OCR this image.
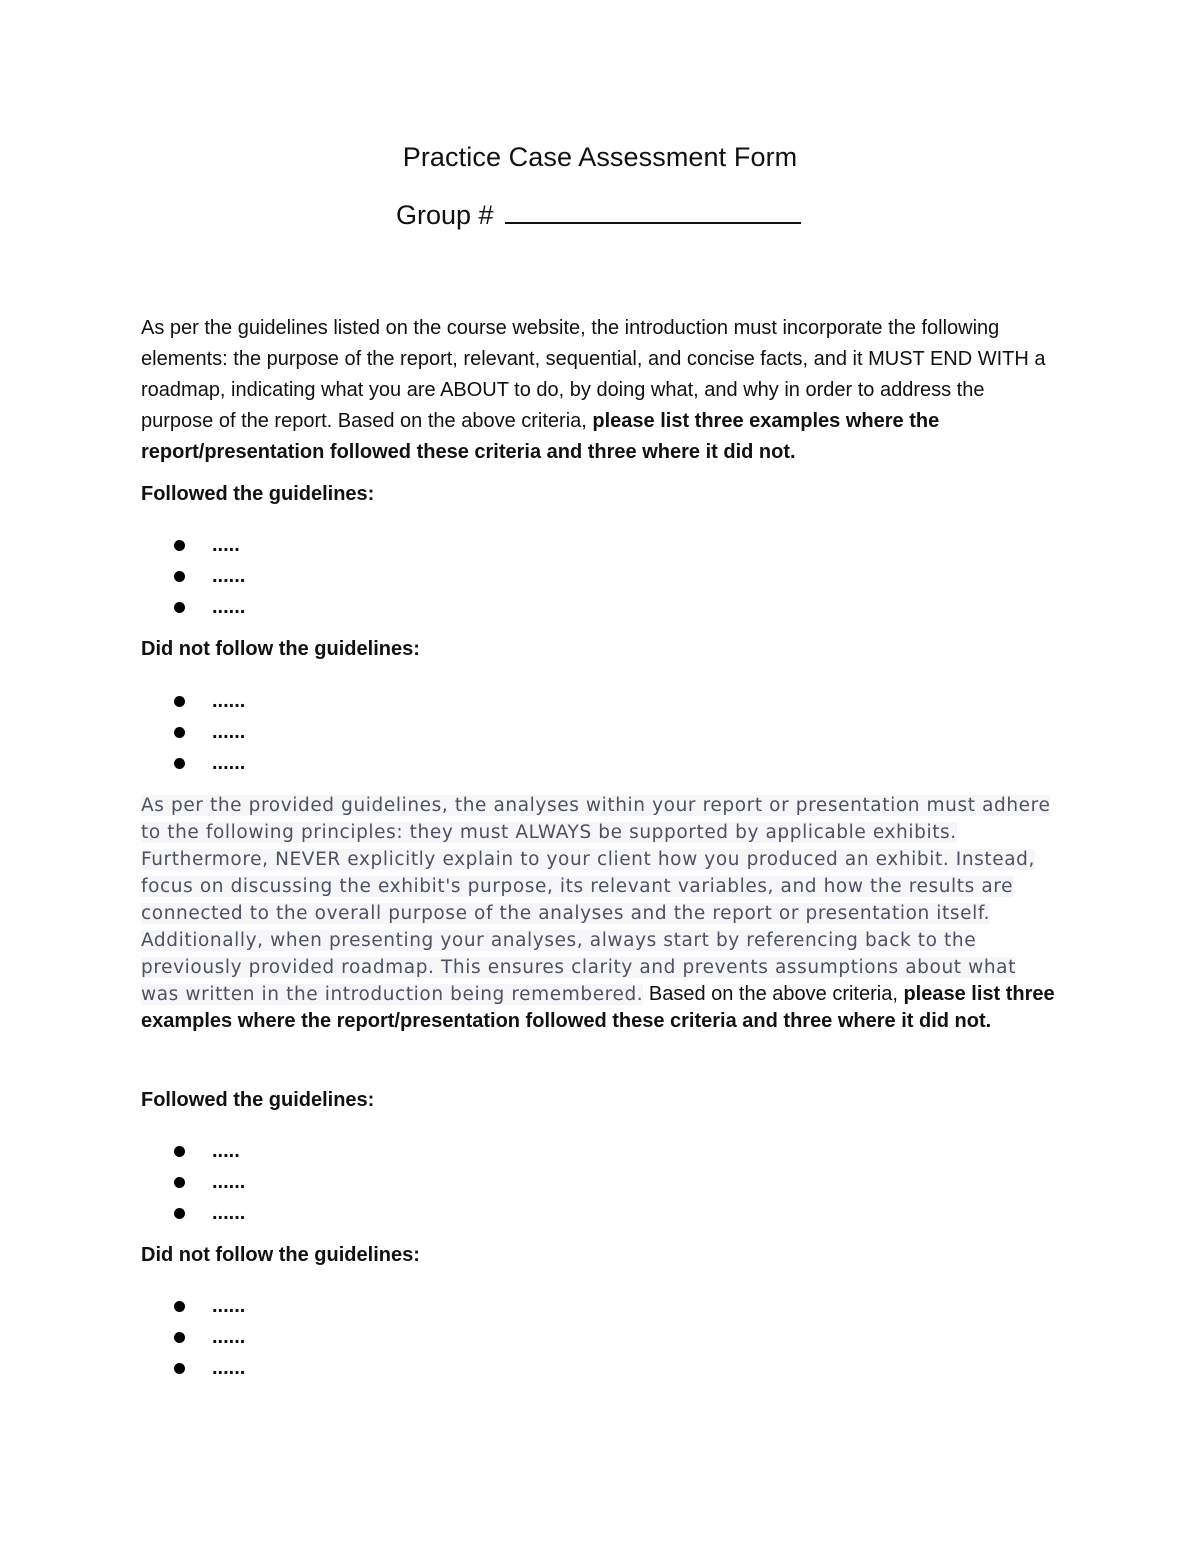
Practice Case Assessment Form
Group #

As per the guidelines listed on the course website, the introduction must incorporate the following elements: the purpose of the report, relevant, sequential, and concise facts, and it MUST END WITH a roadmap, indicating what you are ABOUT to do, by doing what, and why in order to address the purpose of the report. Based on the above criteria, please list three examples where the report/presentation followed these criteria and three where it did not.

Followed the guidelines:

.....
......
......

Did not follow the guidelines:

......
......
......

As per the provided guidelines, the analyses within your report or presentation must adhere to the following principles: they must ALWAYS be supported by applicable exhibits. Furthermore, NEVER explicitly explain to your client how you produced an exhibit. Instead, focus on discussing the exhibit's purpose, its relevant variables, and how the results are connected to the overall purpose of the analyses and the report or presentation itself. Additionally, when presenting your analyses, always start by referencing back to the previously provided roadmap. This ensures clarity and prevents assumptions about what was written in the introduction being remembered. Based on the above criteria, please list three examples where the report/presentation followed these criteria and three where it did not.

Followed the guidelines:

.....
......
......

Did not follow the guidelines:

......
......
......
